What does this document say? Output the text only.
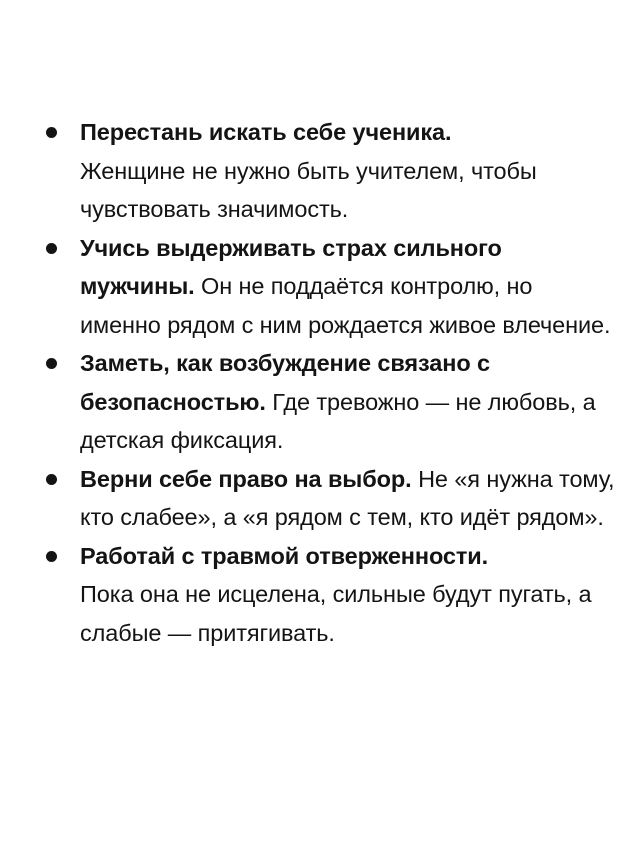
Перестань искать себе ученика.
Женщине не нужно быть учителем, чтобы чувствовать значимость.
Учись выдерживать страх сильного мужчины. Он не поддаётся контролю, но именно рядом с ним рождается живое влечение.
Заметь, как возбуждение связано с безопасностью. Где тревожно — не любовь, а детская фиксация.
Верни себе право на выбор. Не «я нужна тому, кто слабее», а «я рядом с тем, кто идёт рядом».
Работай с травмой отверженности.
Пока она не исцелена, сильные будут пугать, а слабые — притягивать.
